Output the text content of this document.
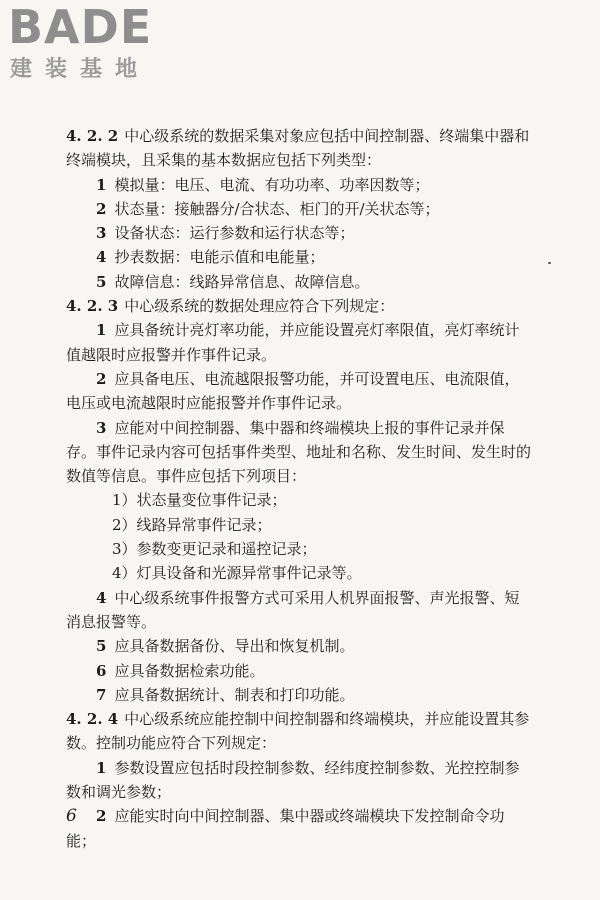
BADE
建装基地

4. 2. 2 中心级系统的数据采集对象应包括中间控制器、终端集中器和终端模块，且采集的基本数据应包括下列类型：

1 模拟量：电压、电流、有功功率、功率因数等；

2 状态量：接触器分/合状态、柜门的开/关状态等；

3 设备状态：运行参数和运行状态等；

4 抄表数据：电能示值和电能量；

5 故障信息：线路异常信息、故障信息。

4. 2. 3 中心级系统的数据处理应符合下列规定：

1 应具备统计亮灯率功能，并应能设置亮灯率限值，亮灯率统计值越限时应报警并作事件记录。

2 应具备电压、电流越限报警功能，并可设置电压、电流限值，电压或电流越限时应能报警并作事件记录。

3 应能对中间控制器、集中器和终端模块上报的事件记录并保存。事件记录内容可包括事件类型、地址和名称、发生时间、发生时的数值等信息。事件应包括下列项目：

1）状态量变位事件记录；

2）线路异常事件记录；

3）参数变更记录和遥控记录；

4）灯具设备和光源异常事件记录等。

4 中心级系统事件报警方式可采用人机界面报警、声光报警、短消息报警等。

5 应具备数据备份、导出和恢复机制。

6 应具备数据检索功能。

7 应具备数据统计、制表和打印功能。

4. 2. 4 中心级系统应能控制中间控制器和终端模块，并应能设置其参数。控制功能应符合下列规定：

1 参数设置应包括时段控制参数、经纬度控制参数、光控控制参数和调光参数；

2 应能实时向中间控制器、集中器或终端模块下发控制命令功能；

6
